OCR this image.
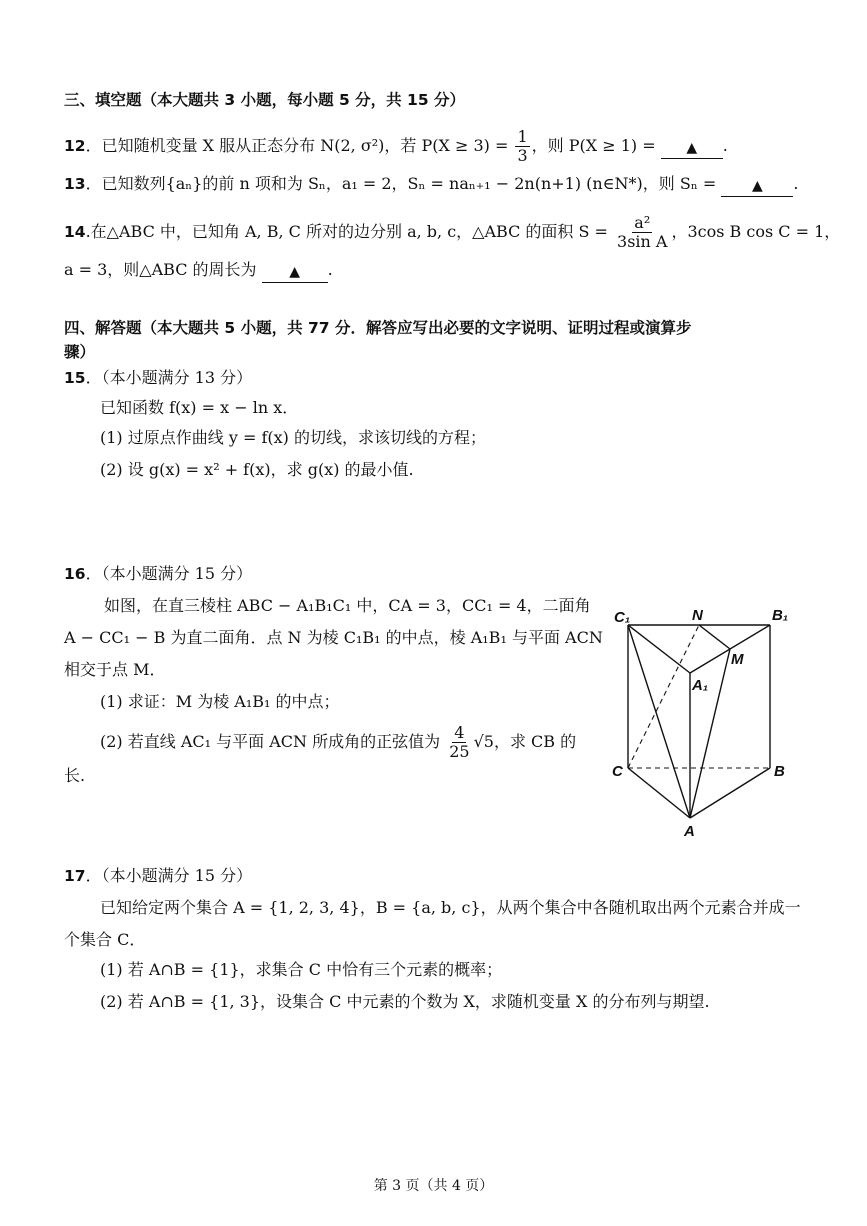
三、填空题（本大题共 3 小题，每小题 5 分，共 15 分）
12．已知随机变量 X 服从正态分布 N(2, σ²)，若 $P(X \ge 3) = \frac{1}{3}$ ，则 P(X ≥ 1) = ▲ .
13．已知数列{aₙ}的前 n 项和为 Sₙ，a₁ = 2，Sₙ = naₙ₊₁ − 2n(n+1) (n∈N*)，则 Sₙ =	▲ .
14.在△ABC 中，已知角 A, B, C 所对的边分别 a, b, c，△ABC 的面积 $S = \frac{\text{a²}}{\text{3sin A}}$ ，3cos B cos C = 1，
a = 3，则△ABC 的周长为 ▲ .
四、解答题（本大题共 5 小题，共 77 分．解答应写出必要的文字说明、证明过程或演算步
骤）
15．（本小题满分 13 分）
已知函数 f(x) = x − ln x．
(1) 过原点作曲线 y = f(x) 的切线，求该切线的方程；
(2) 设 g(x) = x² + f(x)，求 g(x) 的最小值.
16．（本小题满分 15 分）
如图，在直三棱柱 ABC − A₁B₁C₁ 中，CA = 3，CC₁ = 4，二面角
A − CC₁ − B 为直二面角．点 N 为棱 C₁B₁ 的中点，棱 A₁B₁ 与平面 ACN
相交于点 M．
(1) 求证：M 为棱 A₁B₁ 的中点；
(2) 若直线 AC₁ 与平面 ACN 所成角的正弦值为 $\frac{4}{25} √5$，求 CB 的
长.
C₁	N	B₁
M
A₁
C	B
A
17．（本小题满分 15 分）
已知给定两个集合 A = {1, 2, 3, 4}，B = {a, b, c}，从两个集合中各随机取出两个元素合并成一
个集合 C．
(1) 若 A∩B = {1}，求集合 C 中恰有三个元素的概率；
(2) 若 A∩B = {1, 3}，设集合 C 中元素的个数为 X，求随机变量 X 的分布列与期望.
第 3 页（共 4 页）
